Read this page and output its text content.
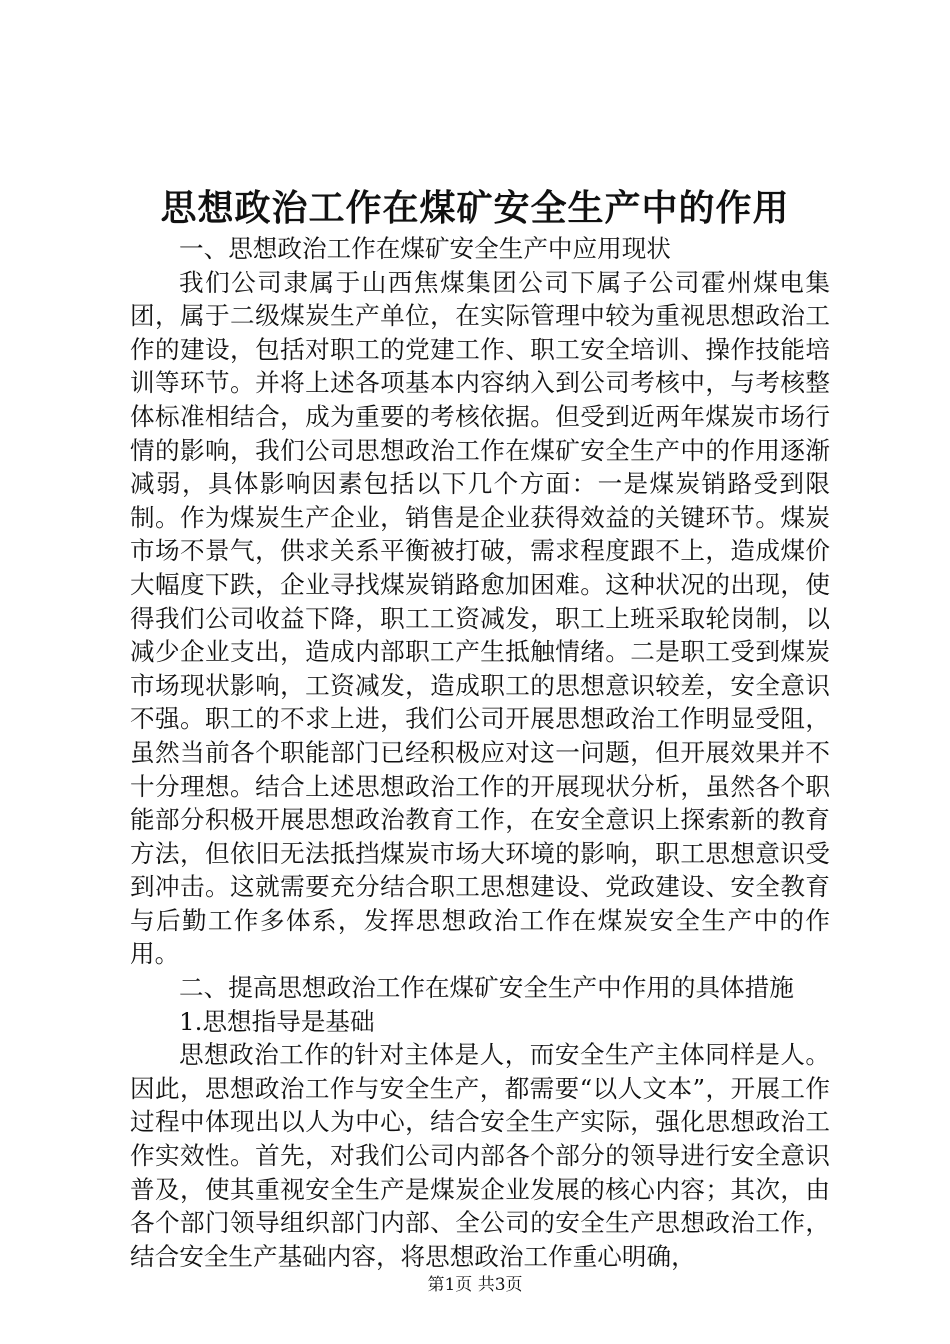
思想政治工作在煤矿安全生产中的作用

一、思想政治工作在煤矿安全生产中应用现状

我们公司隶属于山西焦煤集团公司下属子公司霍州煤电集团，属于二级煤炭生产单位，在实际管理中较为重视思想政治工作的建设，包括对职工的党建工作、职工安全培训、操作技能培训等环节。并将上述各项基本内容纳入到公司考核中，与考核整体标准相结合，成为重要的考核依据。但受到近两年煤炭市场行情的影响，我们公司思想政治工作在煤矿安全生产中的作用逐渐减弱，具体影响因素包括以下几个方面：一是煤炭销路受到限制。作为煤炭生产企业，销售是企业获得效益的关键环节。煤炭市场不景气，供求关系平衡被打破，需求程度跟不上，造成煤价大幅度下跌，企业寻找煤炭销路愈加困难。这种状况的出现，使得我们公司收益下降，职工工资减发，职工上班采取轮岗制，以减少企业支出，造成内部职工产生抵触情绪。二是职工受到煤炭市场现状影响，工资减发，造成职工的思想意识较差，安全意识不强。职工的不求上进，我们公司开展思想政治工作明显受阻，虽然当前各个职能部门已经积极应对这一问题，但开展效果并不十分理想。结合上述思想政治工作的开展现状分析，虽然各个职能部分积极开展思想政治教育工作，在安全意识上探索新的教育方法，但依旧无法抵挡煤炭市场大环境的影响，职工思想意识受到冲击。这就需要充分结合职工思想建设、党政建设、安全教育与后勤工作多体系，发挥思想政治工作在煤炭安全生产中的作用。

二、提高思想政治工作在煤矿安全生产中作用的具体措施

1.思想指导是基础

思想政治工作的针对主体是人，而安全生产主体同样是人。因此，思想政治工作与安全生产，都需要“以人文本”，开展工作过程中体现出以人为中心，结合安全生产实际，强化思想政治工作实效性。首先，对我们公司内部各个部分的领导进行安全意识普及，使其重视安全生产是煤炭企业发展的核心内容；其次，由各个部门领导组织部门内部、全公司的安全生产思想政治工作，结合安全生产基础内容，将思想政治工作重心明确，

第1页 共3页
